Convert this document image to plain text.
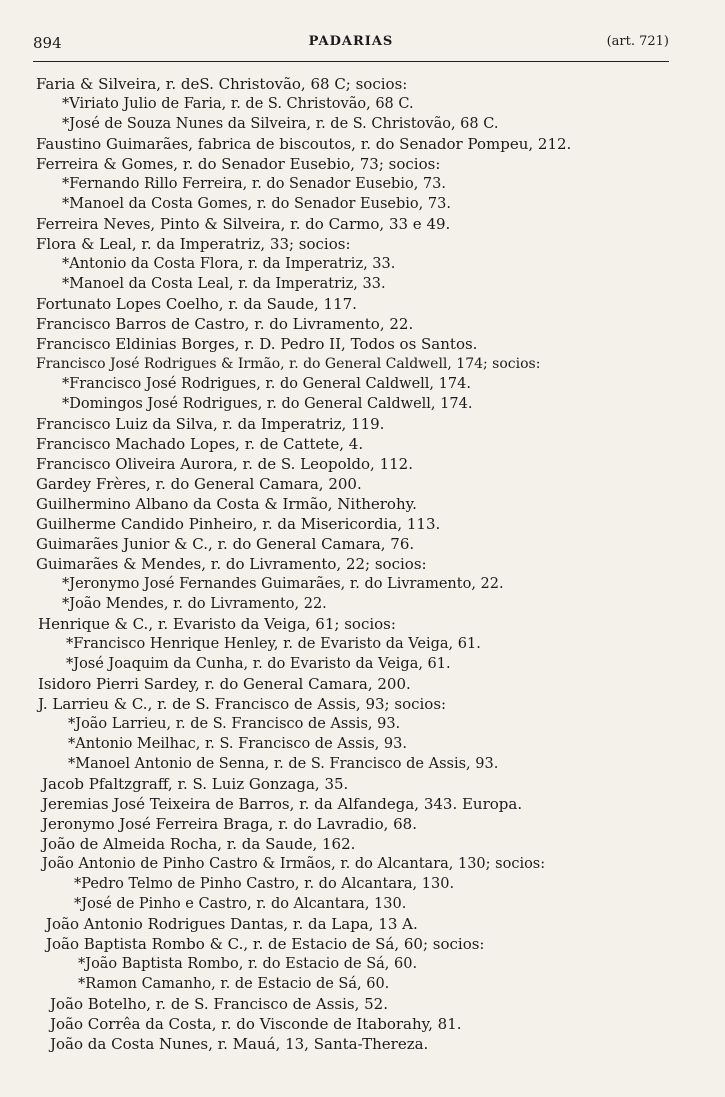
894	PADARIAS	(art. 721)
Faria & Silveira, r. deS. Christovão, 68 C; socios:
*Viriato Julio de Faria, r. de S. Christovão, 68 C.
*José de Souza Nunes da Silveira, r. de S. Christovão, 68 C.
Faustino Guimarães, fabrica de biscoutos, r. do Senador Pompeu, 212.
Ferreira & Gomes, r. do Senador Eusebio, 73; socios:
*Fernando Rillo Ferreira, r. do Senador Eusebio, 73.
*Manoel da Costa Gomes, r. do Senador Eusebio, 73.
Ferreira Neves, Pinto & Silveira, r. do Carmo, 33 e 49.
Flora & Leal, r. da Imperatriz, 33; socios:
*Antonio da Costa Flora, r. da Imperatriz, 33.
*Manoel da Costa Leal, r. da Imperatriz, 33.
Fortunato Lopes Coelho, r. da Saude, 117.
Francisco Barros de Castro, r. do Livramento, 22.
Francisco Eldinias Borges, r. D. Pedro II, Todos os Santos.
Francisco José Rodrigues & Irmão, r. do General Caldwell, 174; socios:
*Francisco José Rodrigues, r. do General Caldwell, 174.
*Domingos José Rodrigues, r. do General Caldwell, 174.
Francisco Luiz da Silva, r. da Imperatriz, 119.
Francisco Machado Lopes, r. de Cattete, 4.
Francisco Oliveira Aurora, r. de S. Leopoldo, 112.
Gardey Frères, r. do General Camara, 200.
Guilhermino Albano da Costa & Irmão, Nitherohy.
Guilherme Candido Pinheiro, r. da Misericordia, 113.
Guimarães Junior & C., r. do General Camara, 76.
Guimarães & Mendes, r. do Livramento, 22; socios:
*Jeronymo José Fernandes Guimarães, r. do Livramento, 22.
*João Mendes, r. do Livramento, 22.
Henrique & C., r. Evaristo da Veiga, 61; socios:
*Francisco Henrique Henley, r. de Evaristo da Veiga, 61.
*José Joaquim da Cunha, r. do Evaristo da Veiga, 61.
Isidoro Pierri Sardey, r. do General Camara, 200.
J. Larrieu & C., r. de S. Francisco de Assis, 93; socios:
*João Larrieu, r. de S. Francisco de Assis, 93.
*Antonio Meilhac, r. S. Francisco de Assis, 93.
*Manoel Antonio de Senna, r. de S. Francisco de Assis, 93.
Jacob Pfaltzgraff, r. S. Luiz Gonzaga, 35.
Jeremias José Teixeira de Barros, r. da Alfandega, 343. Europa.
Jeronymo José Ferreira Braga, r. do Lavradio, 68.
João de Almeida Rocha, r. da Saude, 162.
João Antonio de Pinho Castro & Irmãos, r. do Alcantara, 130; socios:
*Pedro Telmo de Pinho Castro, r. do Alcantara, 130.
*José de Pinho e Castro, r. do Alcantara, 130.
João Antonio Rodrigues Dantas, r. da Lapa, 13 A.
João Baptista Rombo & C., r. de Estacio de Sá, 60; socios:
*João Baptista Rombo, r. do Estacio de Sá, 60.
*Ramon Camanho, r. de Estacio de Sá, 60.
João Botelho, r. de S. Francisco de Assis, 52.
João Corrêa da Costa, r. do Visconde de Itaborahy, 81.
João da Costa Nunes, r. Mauá, 13, Santa-Thereza.
